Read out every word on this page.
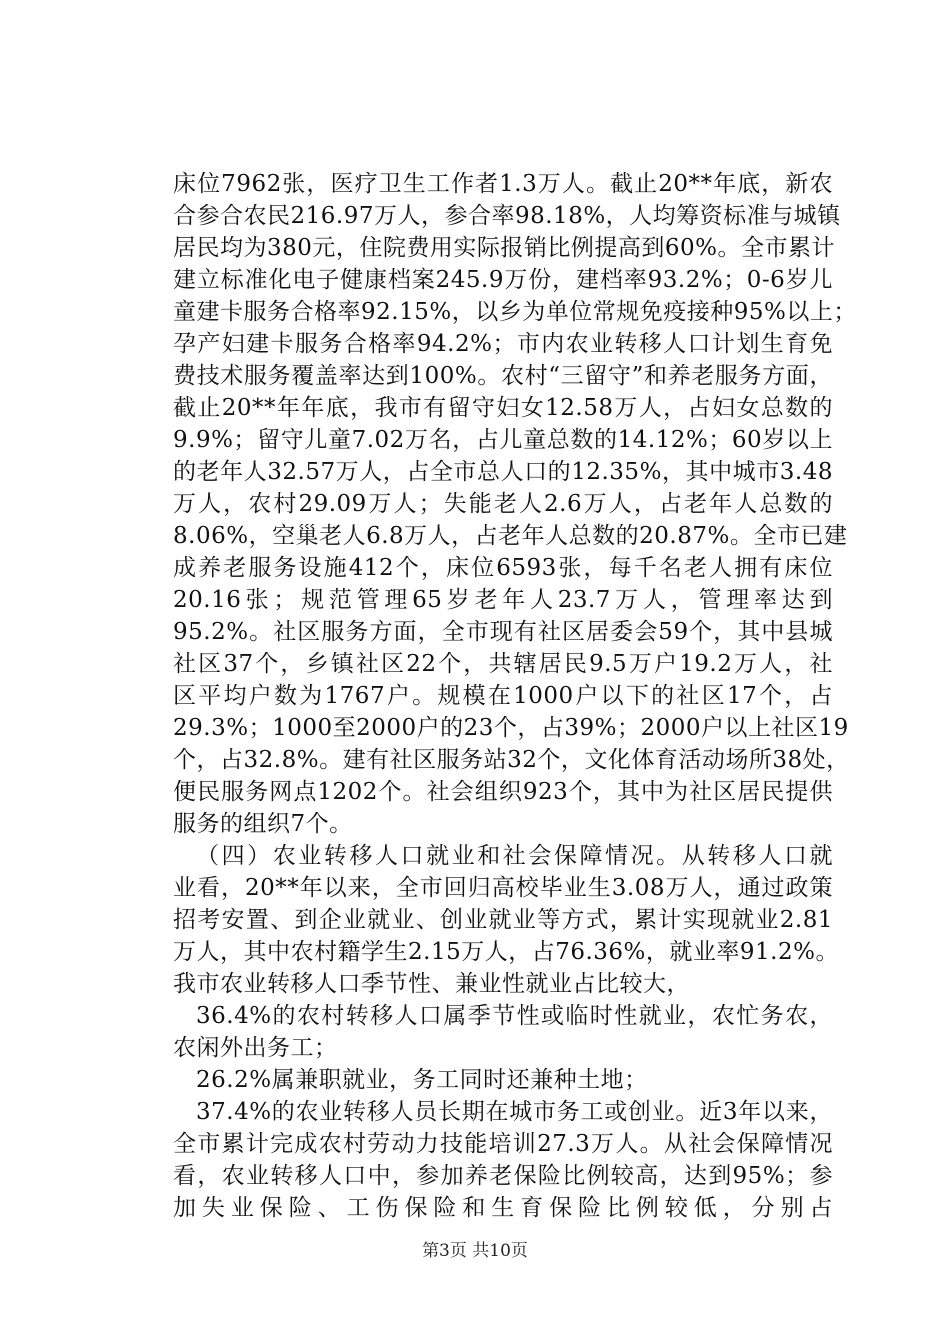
床位7962张，医疗卫生工作者1.3万人。截止20**年底，新农
合参合农民216.97万人，参合率98.18%，人均筹资标准与城镇
居民均为380元，住院费用实际报销比例提高到60%。全市累计
建立标准化电子健康档案245.9万份，建档率93.2%；0-6岁儿
童建卡服务合格率92.15%，以乡为单位常规免疫接种95%以上；
孕产妇建卡服务合格率94.2%；市内农业转移人口计划生育免
费技术服务覆盖率达到100%。农村“三留守”和养老服务方面，
截止20**年年底，我市有留守妇女12.58万人，占妇女总数的
9.9%；留守儿童7.02万名，占儿童总数的14.12%；60岁以上
的老年人32.57万人，占全市总人口的12.35%，其中城市3.48
万人，农村29.09万人；失能老人2.6万人，占老年人总数的
8.06%，空巢老人6.8万人，占老年人总数的20.87%。全市已建
成养老服务设施412个，床位6593张，每千名老人拥有床位
20.16张；规范管理65岁老年人23.7万人，管理率达到
95.2%。社区服务方面，全市现有社区居委会59个，其中县城
社区37个，乡镇社区22个，共辖居民9.5万户19.2万人，社
区平均户数为1767户。规模在1000户以下的社区17个，占
29.3%；1000至2000户的23个，占39%；2000户以上社区19
个，占32.8%。建有社区服务站32个，文化体育活动场所38处，
便民服务网点1202个。社会组织923个，其中为社区居民提供
服务的组织7个。
（四）农业转移人口就业和社会保障情况。从转移人口就
业看，20**年以来，全市回归高校毕业生3.08万人，通过政策
招考安置、到企业就业、创业就业等方式，累计实现就业2.81
万人，其中农村籍学生2.15万人，占76.36%，就业率91.2%。
我市农业转移人口季节性、兼业性就业占比较大，
36.4%的农村转移人口属季节性或临时性就业，农忙务农，
农闲外出务工；
26.2%属兼职就业，务工同时还兼种土地；
37.4%的农业转移人员长期在城市务工或创业。近3年以来，
全市累计完成农村劳动力技能培训27.3万人。从社会保障情况
看，农业转移人口中，参加养老保险比例较高，达到95%；参
加失业保险、工伤保险和生育保险比例较低，分别占
第3页 共10页
